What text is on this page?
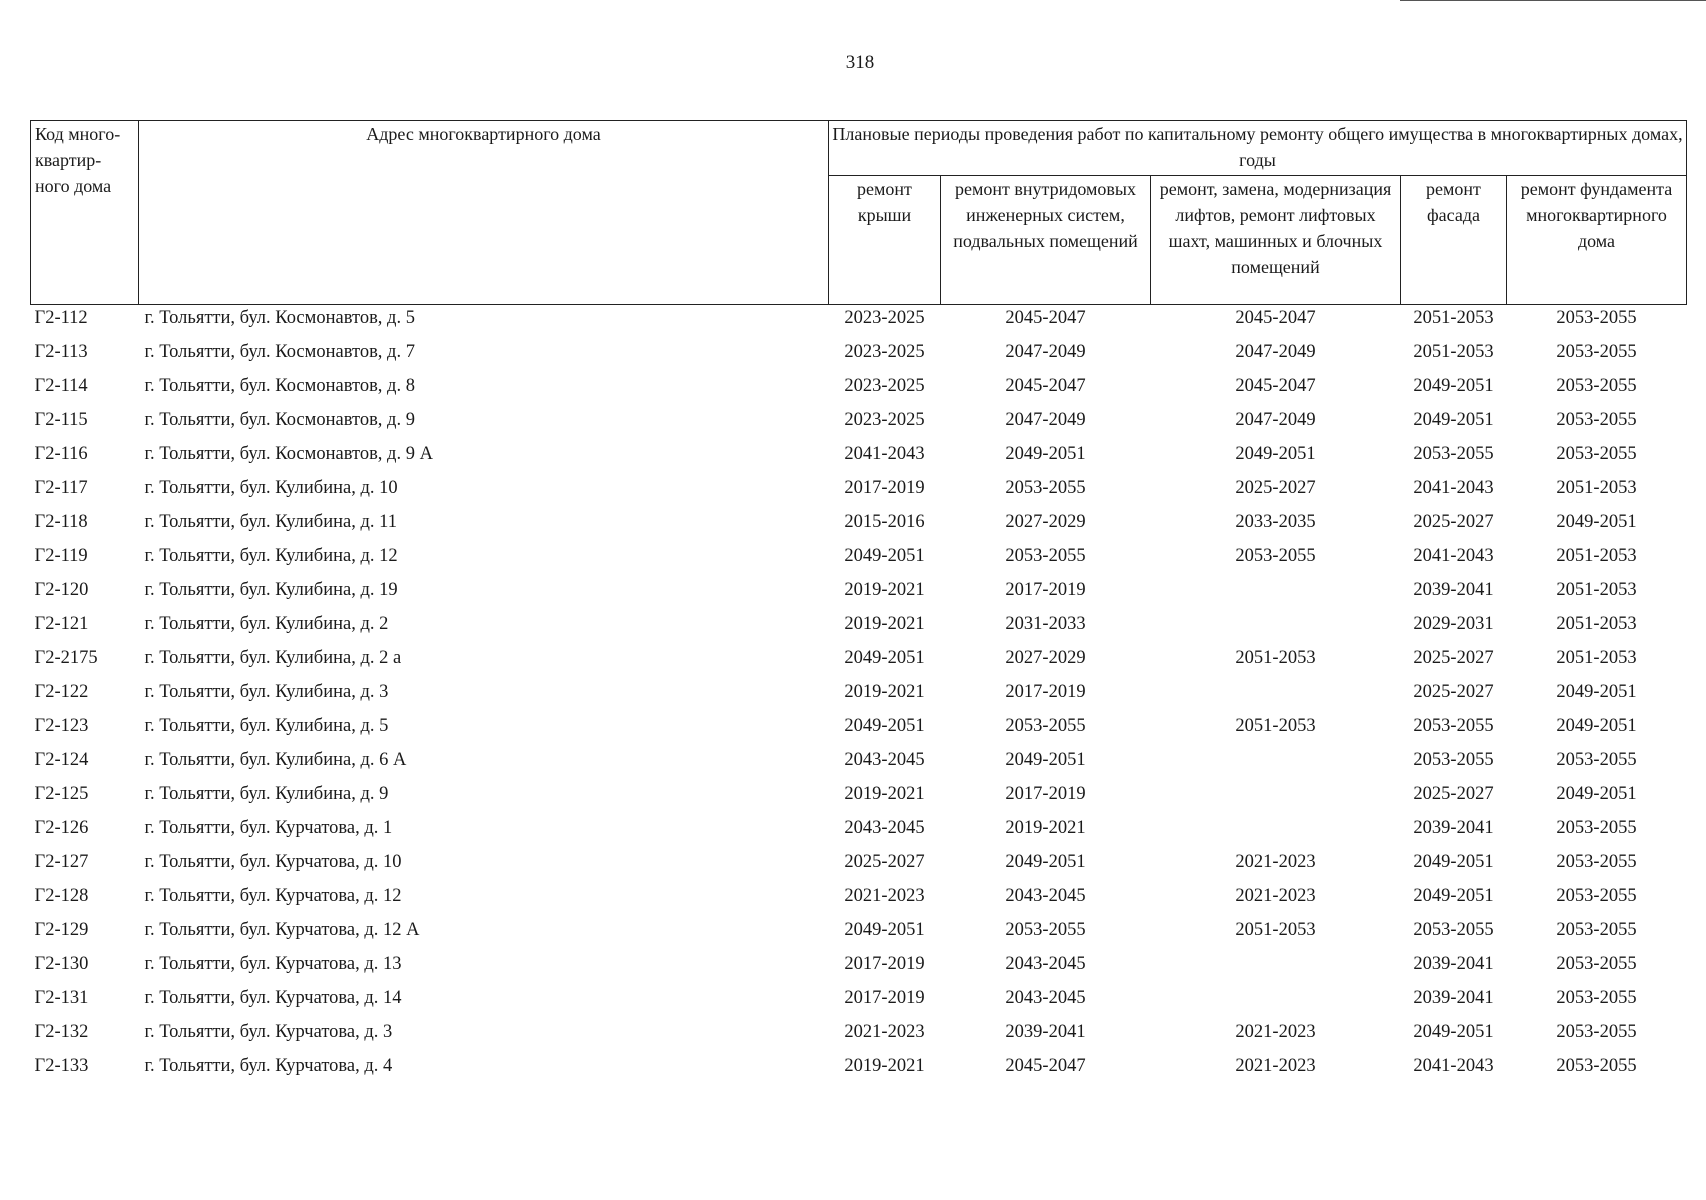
318
Код много-квартир-ного дома	Адрес многоквартирного дома	Плановые периоды проведения работ по капитальному ремонту общего имущества в многоквартирных домах, годы				
		ремонт крыши	ремонт внутридомовых инженерных систем, подвальных помещений	ремонт, замена, модернизация лифтов, ремонт лифтовых шахт, машинных и блочных помещений	ремонт фасада	ремонт фундамента многоквартирного дома
Г2-112	г. Тольятти, бул. Космонавтов, д. 5	2023-2025	2045-2047	2045-2047	2051-2053	2053-2055
Г2-113	г. Тольятти, бул. Космонавтов, д. 7	2023-2025	2047-2049	2047-2049	2051-2053	2053-2055
Г2-114	г. Тольятти, бул. Космонавтов, д. 8	2023-2025	2045-2047	2045-2047	2049-2051	2053-2055
Г2-115	г. Тольятти, бул. Космонавтов, д. 9	2023-2025	2047-2049	2047-2049	2049-2051	2053-2055
Г2-116	г. Тольятти, бул. Космонавтов, д. 9 А	2041-2043	2049-2051	2049-2051	2053-2055	2053-2055
Г2-117	г. Тольятти, бул. Кулибина, д. 10	2017-2019	2053-2055	2025-2027	2041-2043	2051-2053
Г2-118	г. Тольятти, бул. Кулибина, д. 11	2015-2016	2027-2029	2033-2035	2025-2027	2049-2051
Г2-119	г. Тольятти, бул. Кулибина, д. 12	2049-2051	2053-2055	2053-2055	2041-2043	2051-2053
Г2-120	г. Тольятти, бул. Кулибина, д. 19	2019-2021	2017-2019		2039-2041	2051-2053
Г2-121	г. Тольятти, бул. Кулибина, д. 2	2019-2021	2031-2033		2029-2031	2051-2053
Г2-2175	г. Тольятти, бул. Кулибина, д. 2 а	2049-2051	2027-2029	2051-2053	2025-2027	2051-2053
Г2-122	г. Тольятти, бул. Кулибина, д. 3	2019-2021	2017-2019		2025-2027	2049-2051
Г2-123	г. Тольятти, бул. Кулибина, д. 5	2049-2051	2053-2055	2051-2053	2053-2055	2049-2051
Г2-124	г. Тольятти, бул. Кулибина, д. 6 А	2043-2045	2049-2051		2053-2055	2053-2055
Г2-125	г. Тольятти, бул. Кулибина, д. 9	2019-2021	2017-2019		2025-2027	2049-2051
Г2-126	г. Тольятти, бул. Курчатова, д. 1	2043-2045	2019-2021		2039-2041	2053-2055
Г2-127	г. Тольятти, бул. Курчатова, д. 10	2025-2027	2049-2051	2021-2023	2049-2051	2053-2055
Г2-128	г. Тольятти, бул. Курчатова, д. 12	2021-2023	2043-2045	2021-2023	2049-2051	2053-2055
Г2-129	г. Тольятти, бул. Курчатова, д. 12 А	2049-2051	2053-2055	2051-2053	2053-2055	2053-2055
Г2-130	г. Тольятти, бул. Курчатова, д. 13	2017-2019	2043-2045		2039-2041	2053-2055
Г2-131	г. Тольятти, бул. Курчатова, д. 14	2017-2019	2043-2045		2039-2041	2053-2055
Г2-132	г. Тольятти, бул. Курчатова, д. 3	2021-2023	2039-2041	2021-2023	2049-2051	2053-2055
Г2-133	г. Тольятти, бул. Курчатова, д. 4	2019-2021	2045-2047	2021-2023	2041-2043	2053-2055
